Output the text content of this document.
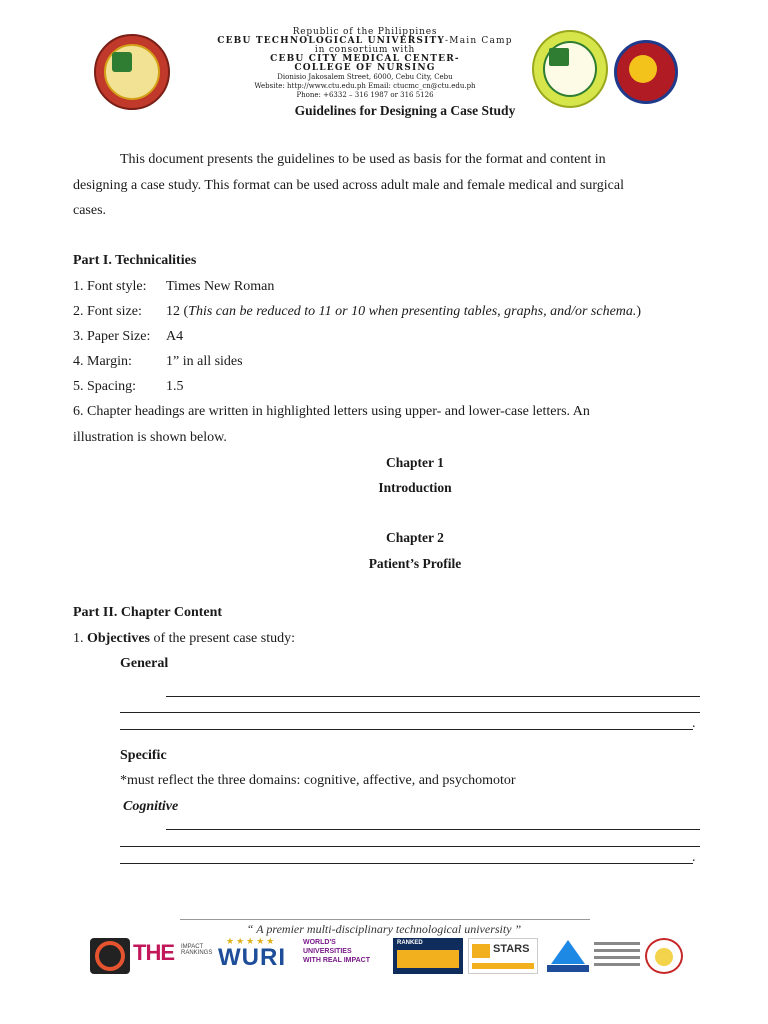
Republic of the Philippines
CEBU TECHNOLOGICAL UNIVERSITY-Main Camp
in consortium with
CEBU CITY MEDICAL CENTER-
COLLEGE OF NURSING
Dionisio Jakosalem Street, 6000, Cebu City, Cebu
Website: http://www.ctu.edu.ph Email: ctucmc_cn@ctu.edu.ph
Phone: +6332 – 316 1987 or 316 5126
Guidelines for Designing a Case Study
This document presents the guidelines to be used as basis for the format and content in
designing a case study. This format can be used across adult male and female medical and surgical
cases.
Part I. Technicalities
1. Font style: Times New Roman
2. Font size: 12 (This can be reduced to 11 or 10 when presenting tables, graphs, and/or schema.)
3. Paper Size: A4
4. Margin: 1” in all sides
5. Spacing: 1.5
6. Chapter headings are written in highlighted letters using upper- and lower-case letters. An
illustration is shown below.
Chapter 1
Introduction
Chapter 2
Patient’s Profile
Part II. Chapter Content
1. Objectives of the present case study:
General
.
Specific
*must reflect the three domains: cognitive, affective, and psychomotor
Cognitive
.
“ A premier multi-disciplinary technological university ”
THE IMPACT RANKINGS
★★★★★
WURI
WORLD'S
UNIVERSITIES
WITH REAL IMPACT
RANKED	STARS
